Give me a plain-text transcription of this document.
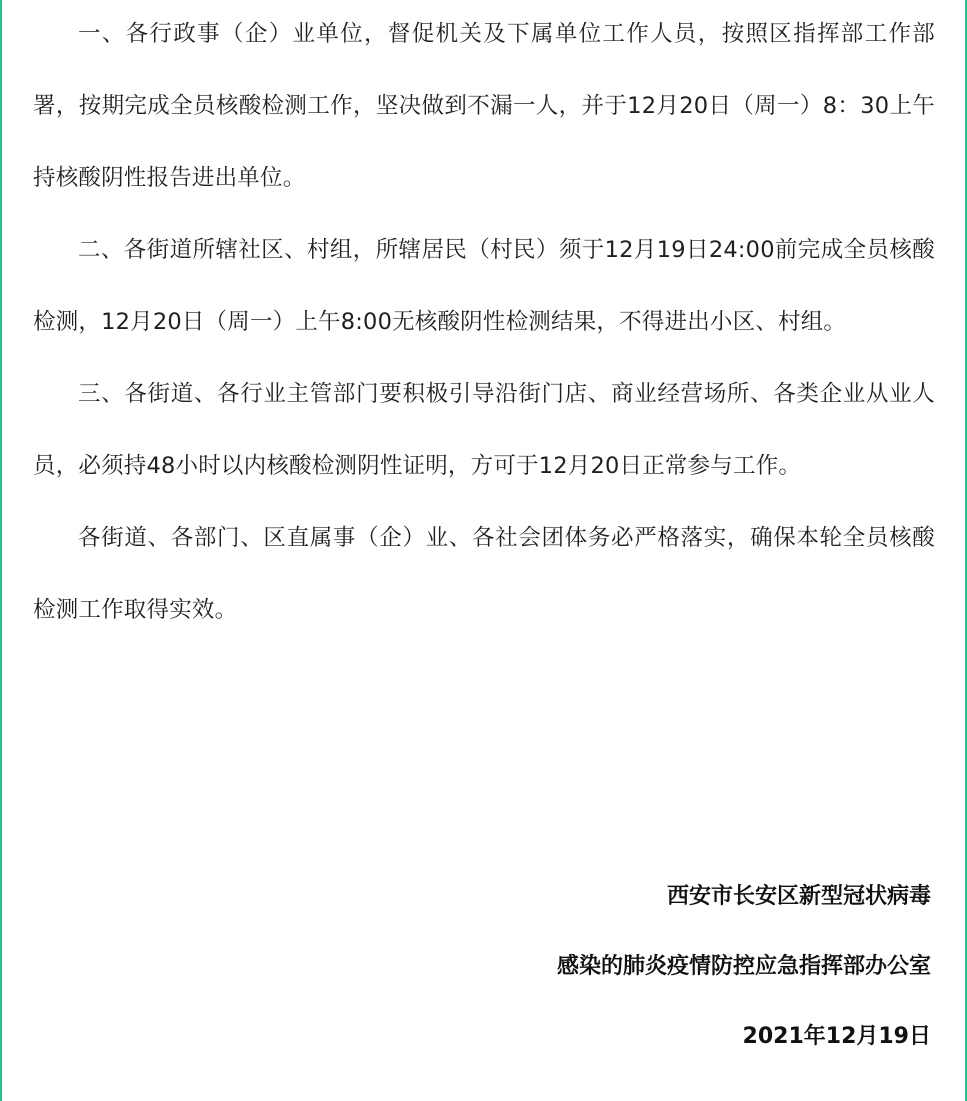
一、各行政事（企）业单位，督促机关及下属单位工作人员，按照区指挥部工作部署，按期完成全员核酸检测工作，坚决做到不漏一人，并于12月20日（周一）8：30上午持核酸阴性报告进出单位。

二、各街道所辖社区、村组，所辖居民（村民）须于12月19日24:00前完成全员核酸检测，12月20日（周一）上午8:00无核酸阴性检测结果，不得进出小区、村组。

三、各街道、各行业主管部门要积极引导沿街门店、商业经营场所、各类企业从业人员，必须持48小时以内核酸检测阴性证明，方可于12月20日正常参与工作。

各街道、各部门、区直属事（企）业、各社会团体务必严格落实，确保本轮全员核酸检测工作取得实效。

西安市长安区新型冠状病毒
感染的肺炎疫情防控应急指挥部办公室
2021年12月19日
